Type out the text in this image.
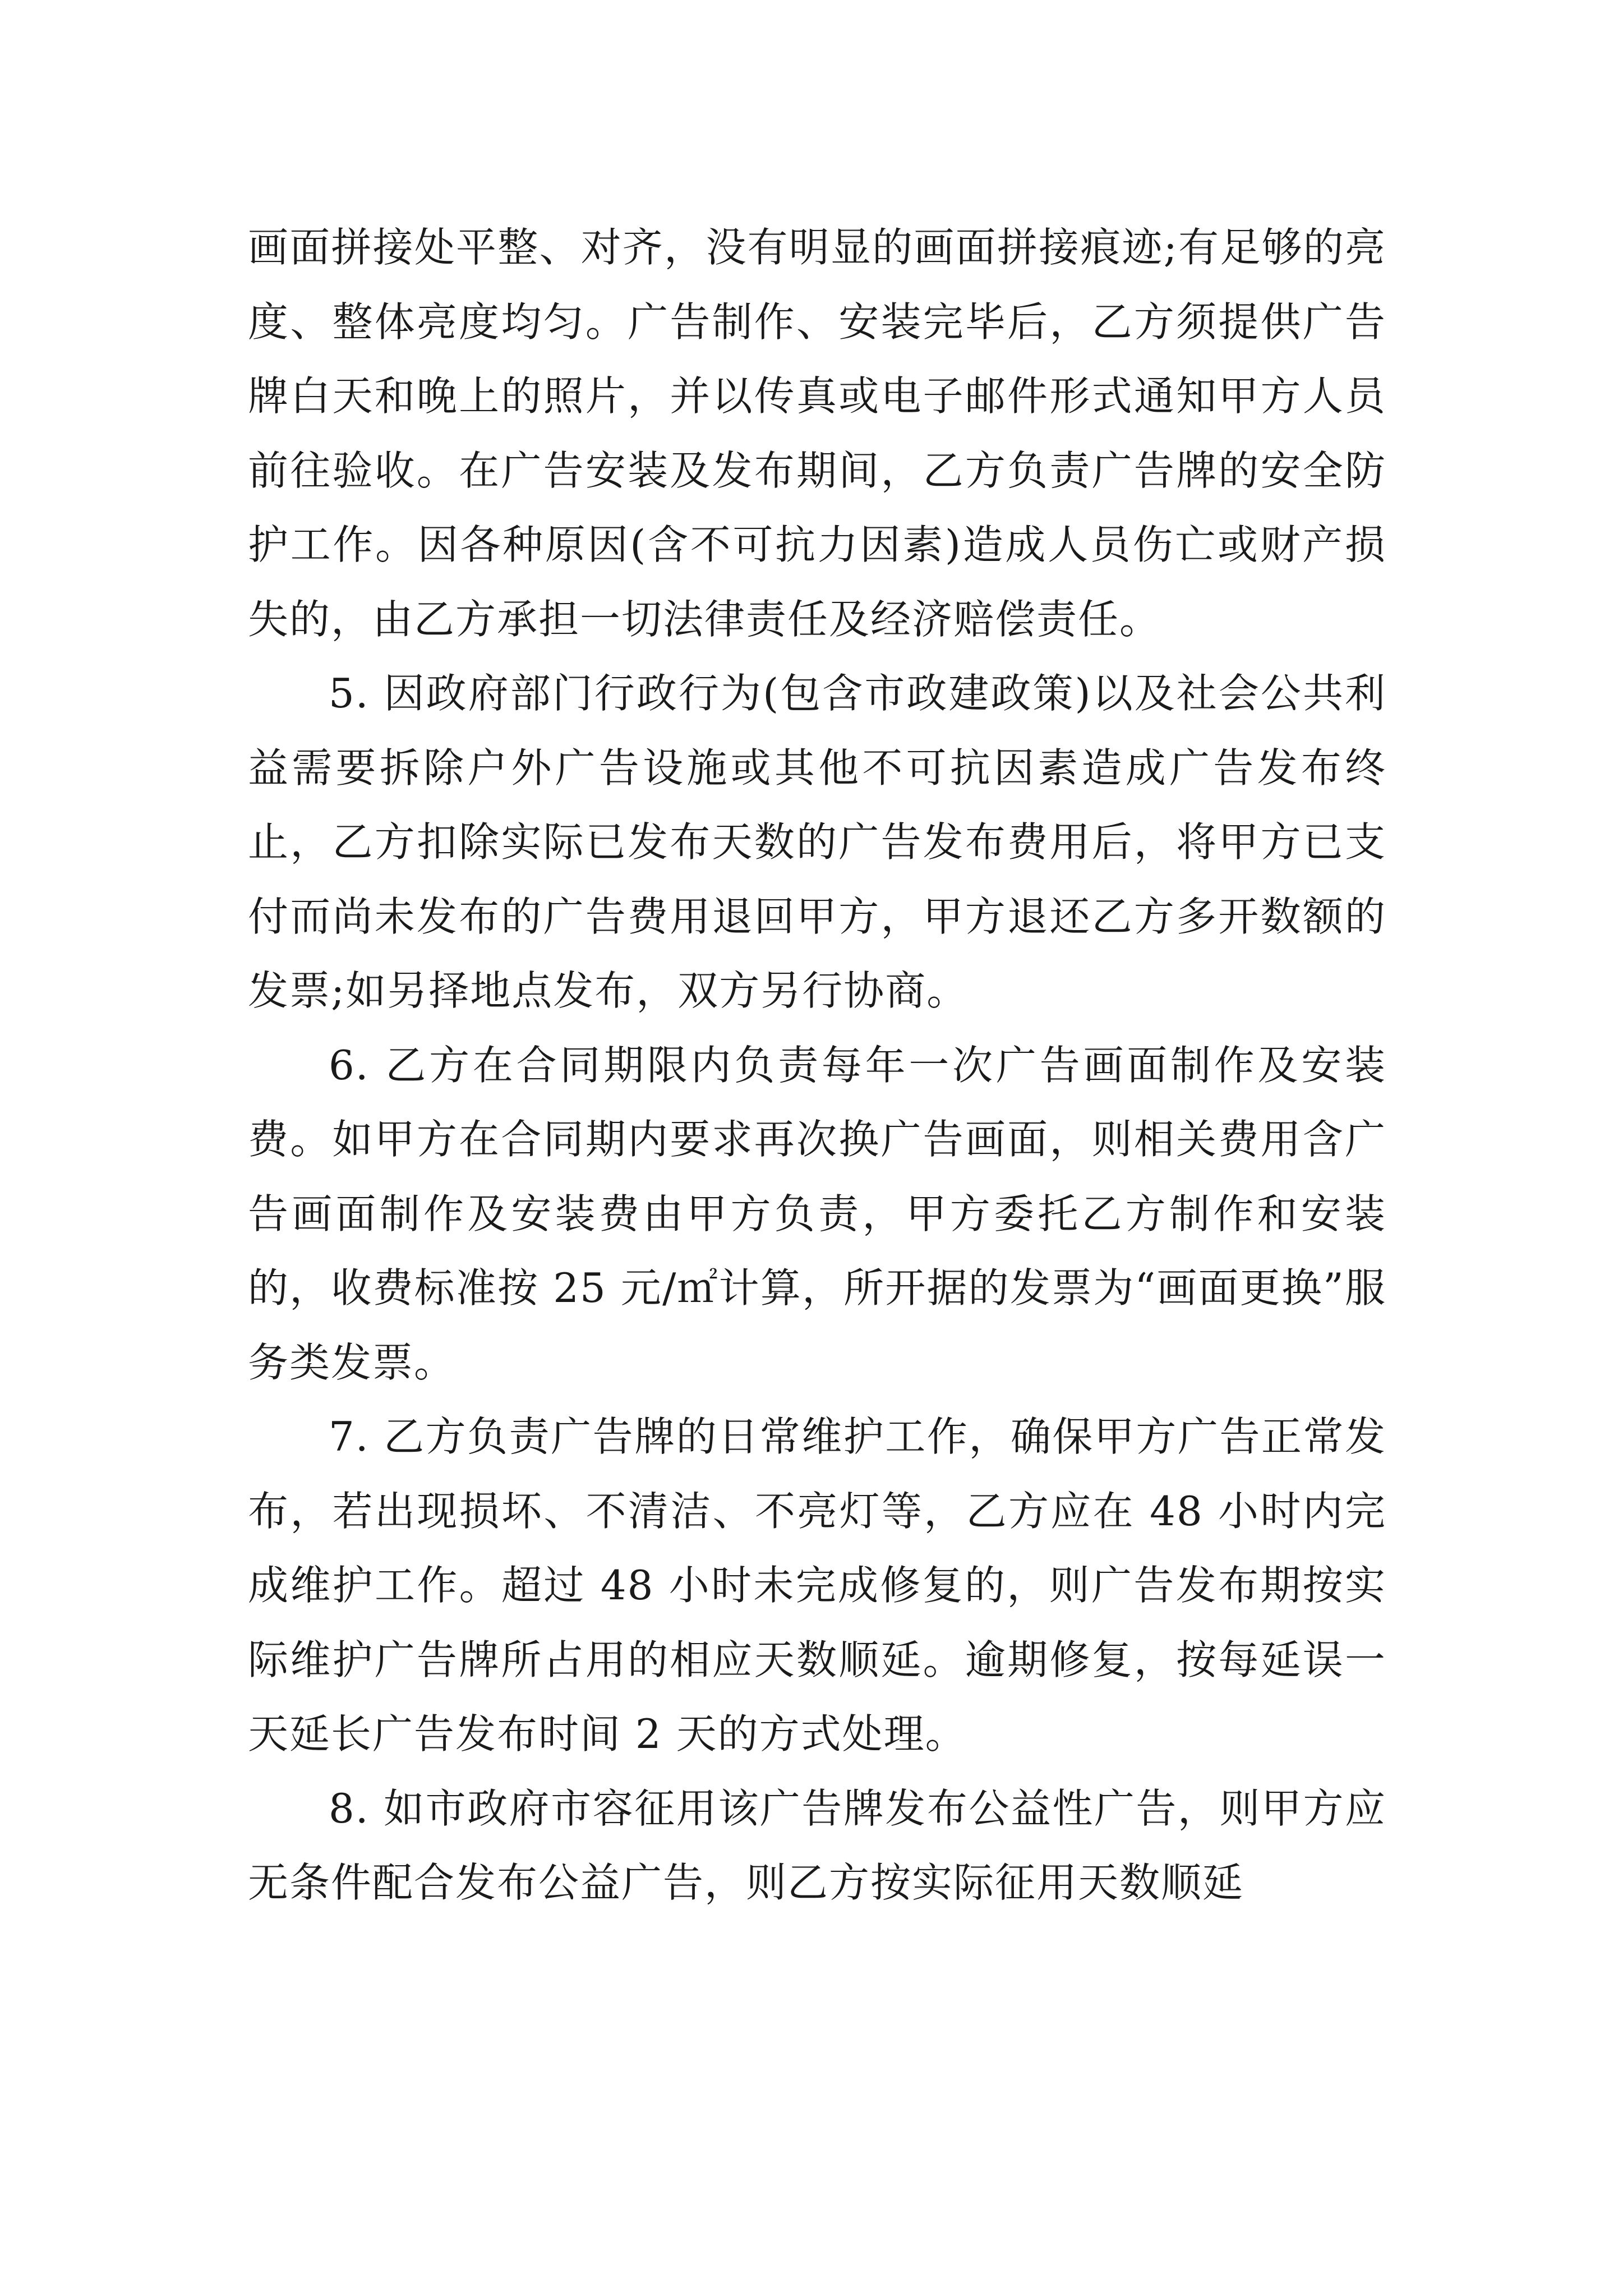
画面拼接处平整、对齐，没有明显的画面拼接痕迹;有足够的亮度、整体亮度均匀。广告制作、安装完毕后，乙方须提供广告牌白天和晚上的照片，并以传真或电子邮件形式通知甲方人员前往验收。在广告安装及发布期间，乙方负责广告牌的安全防护工作。因各种原因(含不可抗力因素)造成人员伤亡或财产损失的，由乙方承担一切法律责任及经济赔偿责任。

5. 因政府部门行政行为(包含市政建政策)以及社会公共利益需要拆除户外广告设施或其他不可抗因素造成广告发布终止，乙方扣除实际已发布天数的广告发布费用后，将甲方已支付而尚未发布的广告费用退回甲方，甲方退还乙方多开数额的发票;如另择地点发布，双方另行协商。

6. 乙方在合同期限内负责每年一次广告画面制作及安装费。如甲方在合同期内要求再次换广告画面，则相关费用含广告画面制作及安装费由甲方负责，甲方委托乙方制作和安装的，收费标准按 25 元/㎡计算，所开据的发票为“画面更换”服务类发票。

7. 乙方负责广告牌的日常维护工作，确保甲方广告正常发布，若出现损坏、不清洁、不亮灯等，乙方应在 48 小时内完成维护工作。超过 48 小时未完成修复的，则广告发布期按实际维护广告牌所占用的相应天数顺延。逾期修复，按每延误一天延长广告发布时间 2 天的方式处理。

8. 如市政府市容征用该广告牌发布公益性广告，则甲方应无条件配合发布公益广告，则乙方按实际征用天数顺延
